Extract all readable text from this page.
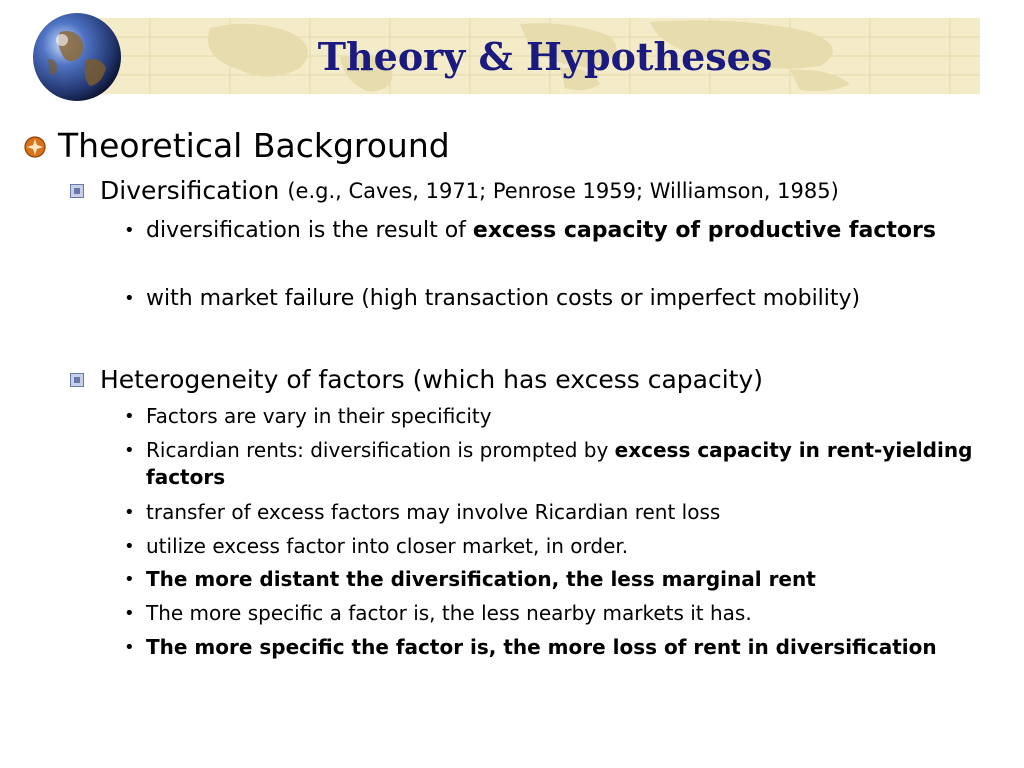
Theory & Hypotheses
Theoretical Background
Diversification (e.g., Caves, 1971; Penrose 1959; Williamson, 1985)
• diversification is the result of excess capacity of productive factors
• with market failure (high transaction costs or imperfect mobility)
Heterogeneity of factors (which has excess capacity)
• Factors are vary in their specificity
• Ricardian rents: diversification is prompted by excess capacity in rent-yielding factors
• transfer of excess factors may involve Ricardian rent loss
• utilize excess factor into closer market, in order.
• The more distant the diversification, the less marginal rent
• The more specific a factor is, the less nearby markets it has.
• The more specific the factor is, the more loss of rent in diversification
